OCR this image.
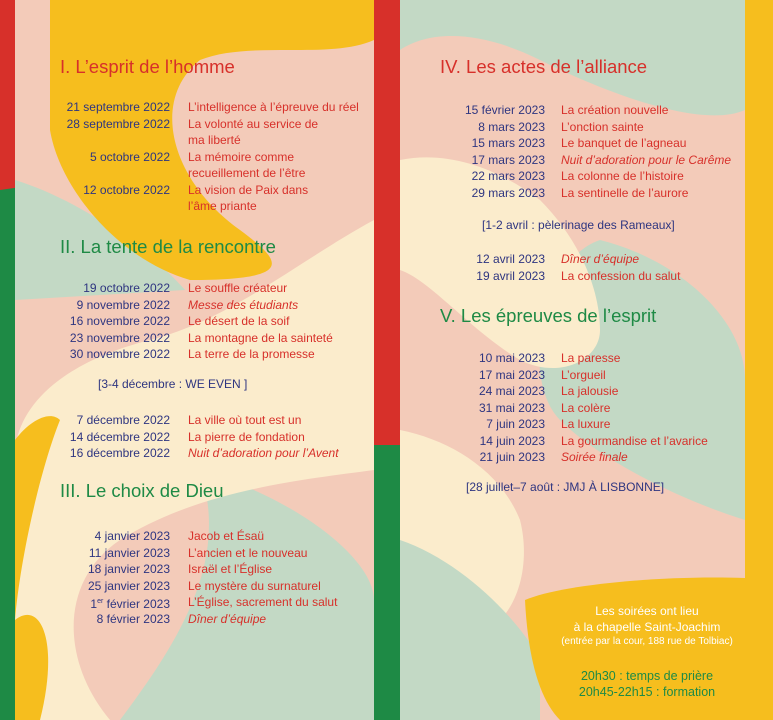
I. L’esprit de l’homme
II. La tente de la rencontre
[3-4 décembre : WE EVEN ]
III. Le choix de Dieu
IV. Les actes de l’alliance
[1-2 avril : pèlerinage des Rameaux]
V. Les épreuves de l’esprit
[28 juillet–7 août : JMJ À LISBONNE]
Les soirées ont lieu
à la chapelle Saint-Joachim
(entrée par la cour, 188 rue de Tolbiac)
20h30 : temps de prière
20h45-22h15 : formation
21 septembre 2022 L’intelligence à l’épreuve du réel
28 septembre 2022 La volonté au service de
ma liberté
5 octobre 2022 La mémoire comme
recueillement de l’être
12 octobre 2022 La vision de Paix dans
l’âme priante
19 octobre 2022 Le souffle créateur
9 novembre 2022 Messe des étudiants
16 novembre 2022 Le désert de la soif
23 novembre 2022 La montagne de la sainteté
30 novembre 2022 La terre de la promesse
7 décembre 2022 La ville où tout est un
14 décembre 2022 La pierre de fondation
16 décembre 2022 Nuit d’adoration pour l’Avent
4 janvier 2023 Jacob et Ésaü
11 janvier 2023 L’ancien et le nouveau
18 janvier 2023 Israël et l’Église
25 janvier 2023 Le mystère du surnaturel
1er février 2023 L’Église, sacrement du salut
8 février 2023 Dîner d’équipe
15 février 2023 La création nouvelle
8 mars 2023 L’onction sainte
15 mars 2023 Le banquet de l’agneau
17 mars 2023 Nuit d’adoration pour le Carême
22 mars 2023 La colonne de l’histoire
29 mars 2023 La sentinelle de l’aurore
12 avril 2023 Dîner d’équipe
19 avril 2023 La confession du salut
10 mai 2023 La paresse
17 mai 2023 L’orgueil
24 mai 2023 La jalousie
31 mai 2023 La colère
7 juin 2023 La luxure
14 juin 2023 La gourmandise et l’avarice
21 juin 2023 Soirée finale
